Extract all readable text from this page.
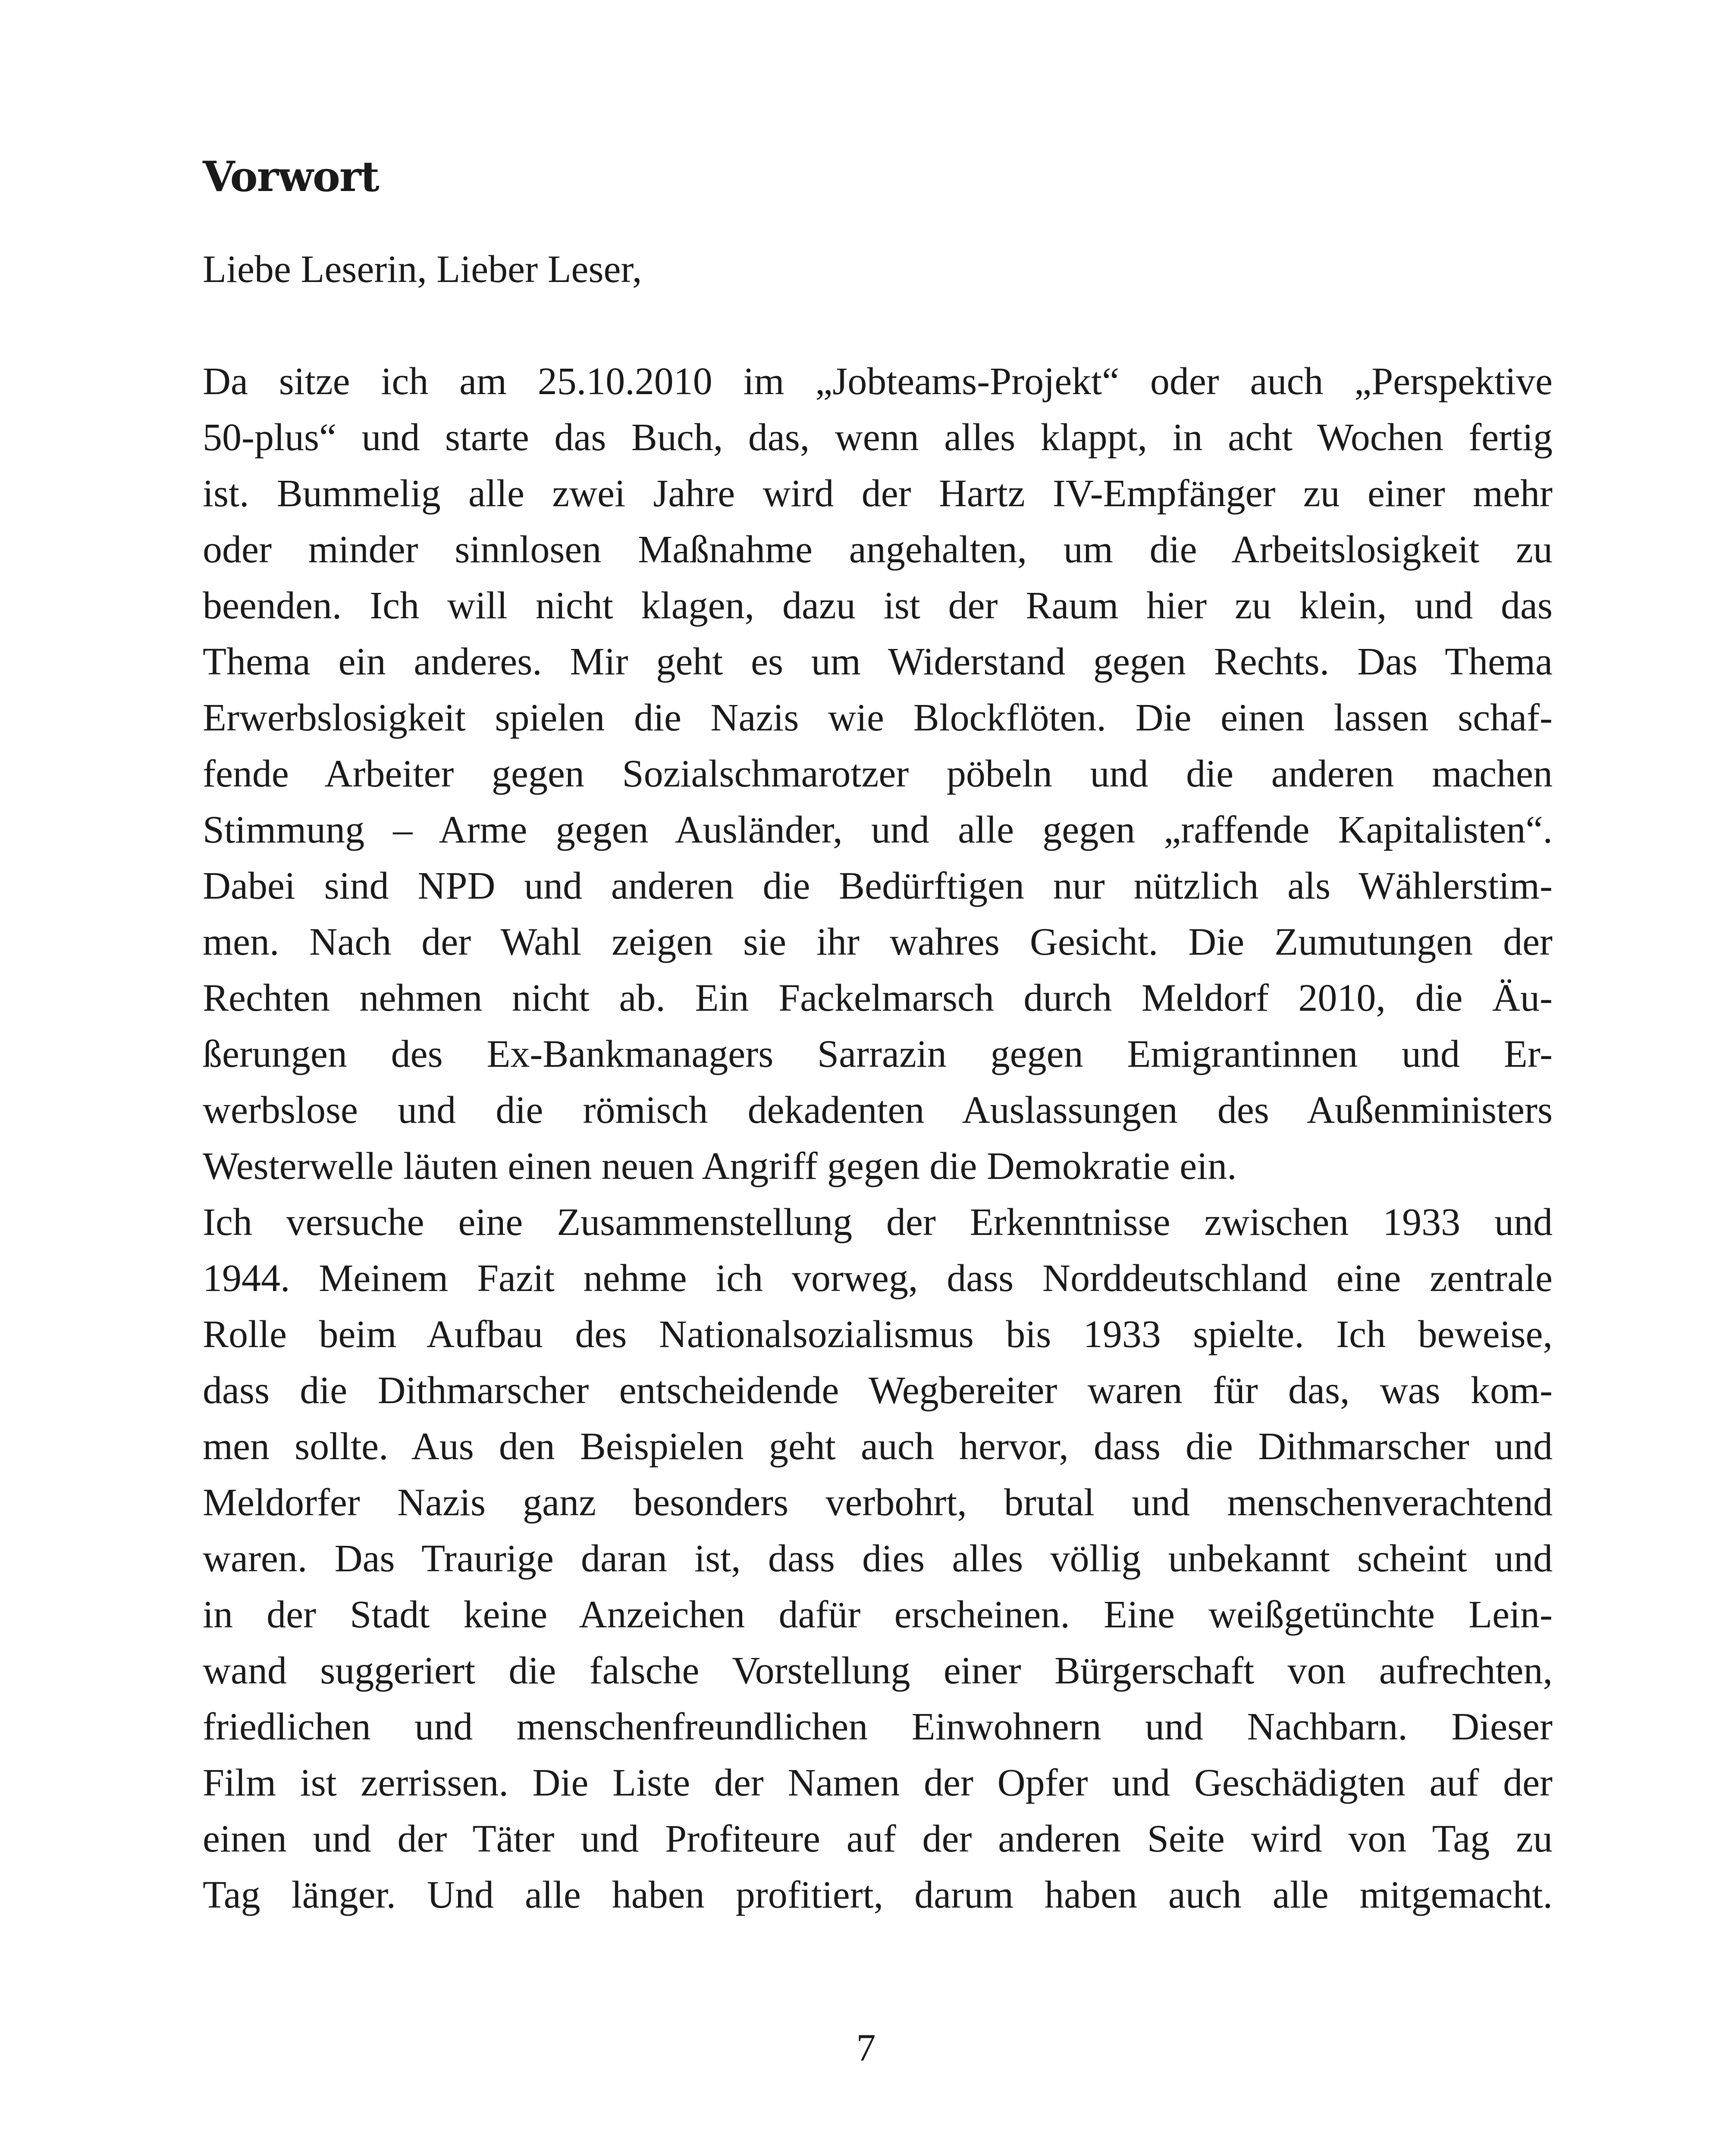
Vorwort

Liebe Leserin, Lieber Leser,

Da sitze ich am 25.10.2010 im „Jobteams-Projekt“ oder auch „Perspektive
50-plus“ und starte das Buch, das, wenn alles klappt, in acht Wochen fertig
ist. Bummelig alle zwei Jahre wird der Hartz IV-Empfänger zu einer mehr
oder minder sinnlosen Maßnahme angehalten, um die Arbeitslosigkeit zu
beenden. Ich will nicht klagen, dazu ist der Raum hier zu klein, und das
Thema ein anderes. Mir geht es um Widerstand gegen Rechts. Das Thema
Erwerbslosigkeit spielen die Nazis wie Blockflöten. Die einen lassen schaf-
fende Arbeiter gegen Sozialschmarotzer pöbeln und die anderen machen
Stimmung – Arme gegen Ausländer, und alle gegen „raffende Kapitalisten“.
Dabei sind NPD und anderen die Bedürftigen nur nützlich als Wählerstim-
men. Nach der Wahl zeigen sie ihr wahres Gesicht. Die Zumutungen der
Rechten nehmen nicht ab. Ein Fackelmarsch durch Meldorf 2010, die Äu-
ßerungen des Ex-Bankmanagers Sarrazin gegen Emigrantinnen und Er-
werbslose und die römisch dekadenten Auslassungen des Außenministers
Westerwelle läuten einen neuen Angriff gegen die Demokratie ein.
Ich versuche eine Zusammenstellung der Erkenntnisse zwischen 1933 und
1944. Meinem Fazit nehme ich vorweg, dass Norddeutschland eine zentrale
Rolle beim Aufbau des Nationalsozialismus bis 1933 spielte. Ich beweise,
dass die Dithmarscher entscheidende Wegbereiter waren für das, was kom-
men sollte. Aus den Beispielen geht auch hervor, dass die Dithmarscher und
Meldorfer Nazis ganz besonders verbohrt, brutal und menschenverachtend
waren. Das Traurige daran ist, dass dies alles völlig unbekannt scheint und
in der Stadt keine Anzeichen dafür erscheinen. Eine weißgetünchte Lein-
wand suggeriert die falsche Vorstellung einer Bürgerschaft von aufrechten,
friedlichen und menschenfreundlichen Einwohnern und Nachbarn. Dieser
Film ist zerrissen. Die Liste der Namen der Opfer und Geschädigten auf der
einen und der Täter und Profiteure auf der anderen Seite wird von Tag zu
Tag länger. Und alle haben profitiert, darum haben auch alle mitgemacht.

7
